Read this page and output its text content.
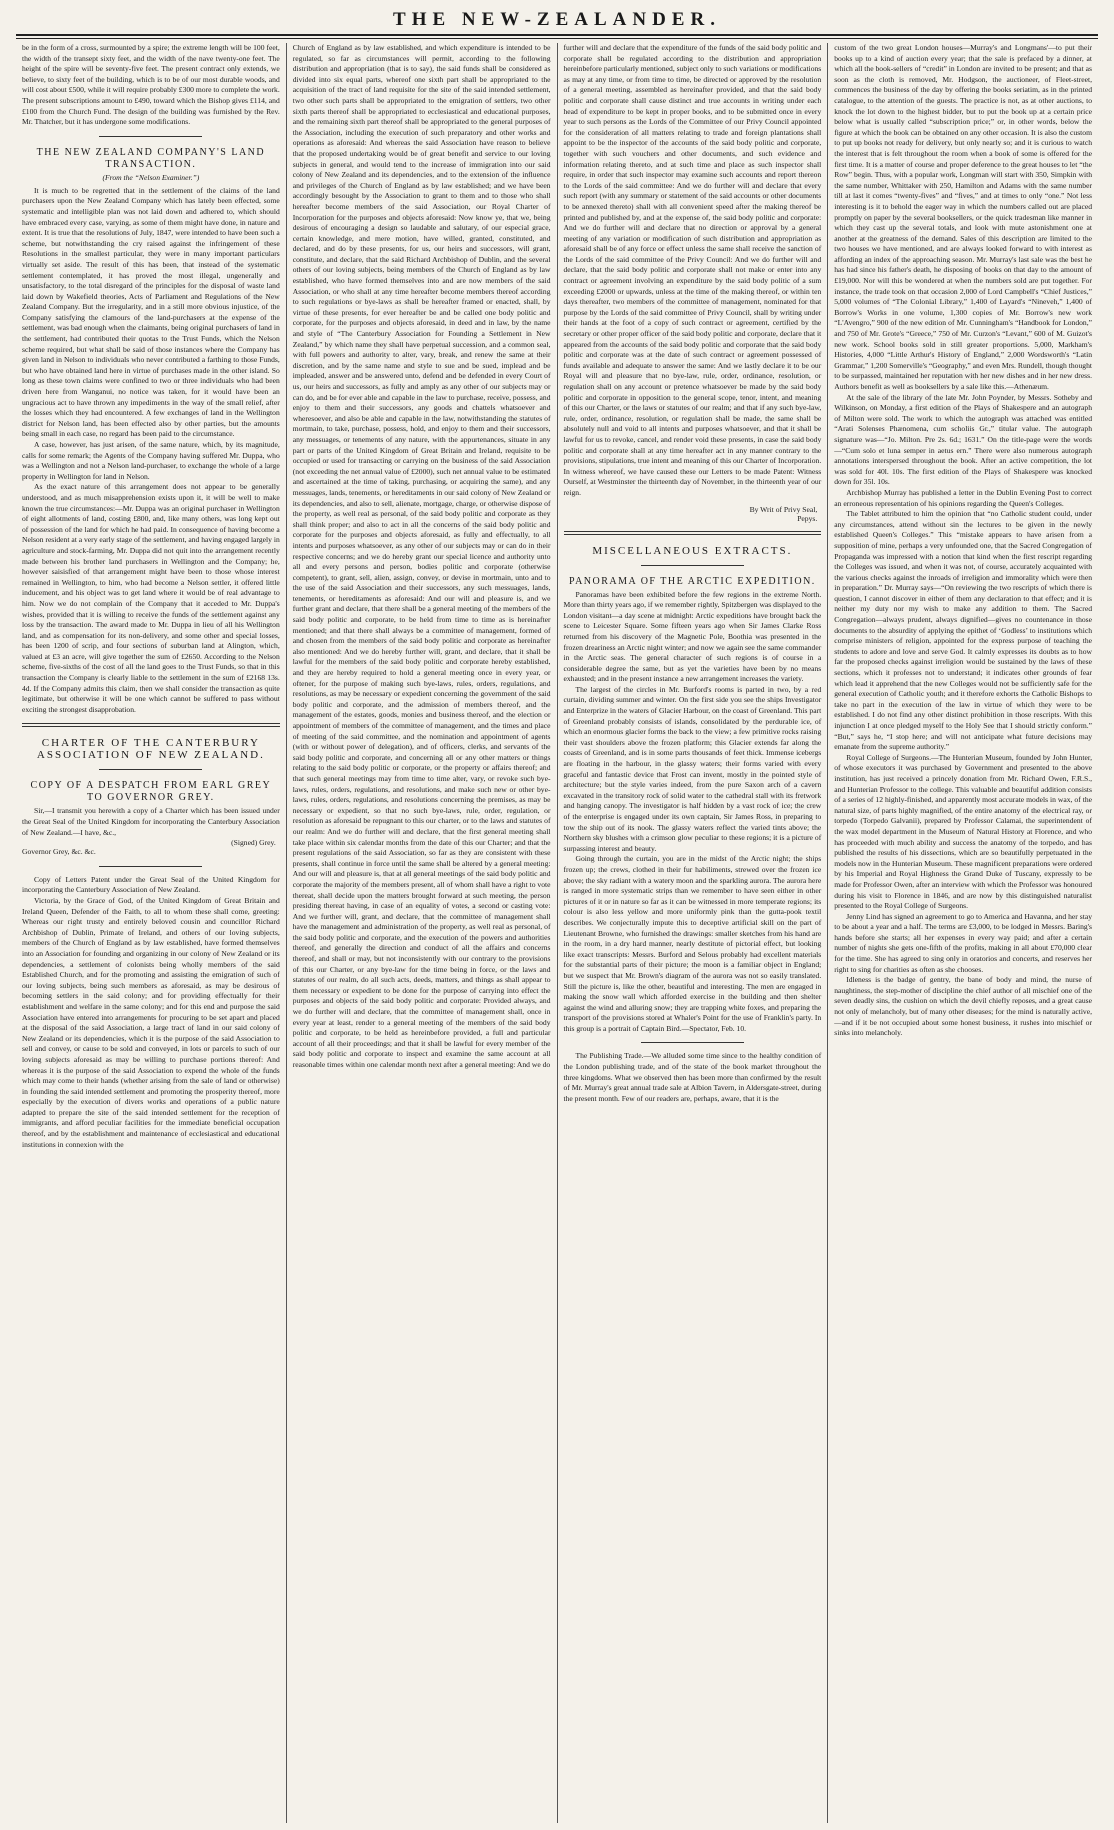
THE NEW-ZEALANDER.

be in the form of a cross, surmounted by a spire; the extreme length will be 100 feet, the width of the transept sixty feet, and the width of the nave twenty-one feet. The height of the spire will be seventy-five feet. The present contract only extends, we believe, to sixty feet of the building, which is to be of our most durable woods, and will cost about £500, while it will require probably £300 more to complete the work. The present subscriptions amount to £490, toward which the Bishop gives £114, and £100 from the Church Fund. The design of the building was furnished by the Rev. Mr. Thatcher, but it has undergone some modifications.

THE NEW ZEALAND COMPANY'S LAND TRANSACTION.
(From the “Nelson Examiner.”)

It is much to be regretted that in the settlement of the claims of the land purchasers upon the New Zealand Company which has lately been effected, some systematic and intelligible plan was not laid down and adhered to, which should have embraced every case, varying, as some of them might have done, in nature and extent. It is true that the resolutions of July, 1847, were intended to have been such a scheme, but notwithstanding the cry raised against the infringement of these Resolutions in the smallest particular, they were in many important particulars virtually set aside. The result of this has been, that instead of the systematic settlement contemplated, it has proved the most illegal, ungenerally and unsatisfactory, to the total disregard of the principles for the disposal of waste land laid down by Wakefield theories, Acts of Parliament and Regulations of the New Zealand Company. But the irregularity, and in a still more obvious injustice, of the Company satisfying the clamours of the land-purchasers at the expense of the settlement, was bad enough when the claimants, being original purchasers of land in the settlement, had contributed their quotas to the Trust Funds, which the Nelson scheme required, but what shall be said of those instances where the Company has given land in Nelson to individuals who never contributed a farthing to those Funds, but who have obtained land here in virtue of purchases made in the other island. So long as these town claims were confined to two or three individuals who had been driven here from Wanganui, no notice was taken, for it would have been an ungracious act to have thrown any impediments in the way of the small relief, after the losses which they had encountered. A few exchanges of land in the Wellington district for Nelson land, has been effected also by other parties, but the amounts being small in each case, no regard has been paid to the circumstance.

A case, however, has just arisen, of the same nature, which, by its magnitude, calls for some remark; the Agents of the Company having suffered Mr. Duppa, who was a Wellington and not a Nelson land-purchaser, to exchange the whole of a large property in Wellington for land in Nelson.

As the exact nature of this arrangement does not appear to be generally understood, and as much misapprehension exists upon it, it will be well to make known the true circumstances:—Mr. Duppa was an original purchaser in Wellington of eight allotments of land, costing £800, and, like many others, was long kept out of possession of the land for which he had paid. In consequence of having become a Nelson resident at a very early stage of the settlement, and having engaged largely in agriculture and stock-farming, Mr. Duppa did not quit into the arrangement recently made between his brother land purchasers in Wellington and the Company; he, however saisisfied of that arrangement might have been to those whose interest remained in Wellington, to him, who had become a Nelson settler, it offered little inducement, and his object was to get land where it would be of real advantage to him. Now we do not complain of the Company that it acceded to Mr. Duppa's wishes, provided that it is willing to receive the funds of the settlement against any loss by the transaction. The award made to Mr. Duppa in lieu of all his Wellington land, and as compensation for its non-delivery, and some other and special losses, has been 1200 of scrip, and four sections of suburban land at Alington, which, valued at £3 an acre, will give together the sum of £2650. According to the Nelson scheme, five-sixths of the cost of all the land goes to the Trust Funds, so that in this transaction the Company is clearly liable to the settlement in the sum of £2168 13s. 4d. If the Company admits this claim, then we shall consider the transaction as quite legitimate, but otherwise it will be one which cannot be suffered to pass without exciting the strongest disapprobation.

CHARTER OF THE CANTERBURY ASSOCIATION OF NEW ZEALAND.
COPY OF A DESPATCH FROM EARL GREY TO GOVERNOR GREY.

Sir,—I transmit you herewith a copy of a Charter which has been issued under the Great Seal of the United Kingdom for incorporating the Canterbury Association of New Zealand.—I have, &c.,

(Signed) Grey.

Governor Grey, &c. &c.

Copy of Letters Patent under the Great Seal of the United Kingdom for incorporating the Canterbury Association of New Zealand.

Victoria, by the Grace of God, of the United Kingdom of Great Britain and Ireland Queen, Defender of the Faith, to all to whom these shall come, greeting: Whereas our right trusty and entirely beloved cousin and councillor Richard Archbishop of Dublin, Primate of Ireland, and others of our loving subjects, members of the Church of England as by law established, have formed themselves into an Association for founding and organizing in our colony of New Zealand or its dependencies, a settlement of colonists being wholly members of the said Established Church, and for the promoting and assisting the emigration of such of our loving subjects, being such members as aforesaid, as may be desirous of becoming settlers in the said colony; and for providing effectually for their establishment and welfare in the same colony; and for this end and purpose the said Association have entered into arrangements for procuring to be set apart and placed at the disposal of the said Association, a large tract of land in our said colony of New Zealand or its dependencies, which it is the purpose of the said Association to sell and convey, or cause to be sold and conveyed, in lots or parcels to such of our loving subjects aforesaid as may be willing to purchase portions thereof: And whereas it is the purpose of the said Association to expend the whole of the funds which may come to their hands (whether arising from the sale of land or otherwise) in founding the said intended settlement and promoting the prosperity thereof, more especially by the execution of divers works and operations of a public nature adapted to prepare the site of the said intended settlement for the reception of immigrants, and afford peculiar facilities for the immediate beneficial occupation thereof, and by the establishment and maintenance of ecclesiastical and educational institutions in connexion with the

Church of England as by law established, and which expenditure is intended to be regulated, so far as circumstances will permit, according to the following distribution and appropriation (that is to say), the said funds shall be considered as divided into six equal parts, whereof one sixth part shall be appropriated to the acquisition of the tract of land requisite for the site of the said intended settlement, two other such parts shall be appropriated to the emigration of settlers, two other sixth parts thereof shall be appropriated to ecclesiastical and educational purposes, and the remaining sixth part thereof shall be appropriated to the general purposes of the Association, including the execution of such preparatory and other works and operations as aforesaid: And whereas the said Association have reason to believe that the proposed undertaking would be of great benefit and service to our loving subjects in general, and would tend to the increase of immigration into our said colony of New Zealand and its dependencies, and to the extension of the influence and privileges of the Church of England as by law established; and we have been accordingly besought by the Association to grant to them and to those who shall hereafter become members of the said Association, our Royal Charter of Incorporation for the purposes and objects aforesaid: Now know ye, that we, being desirous of encouraging a design so laudable and salutary, of our especial grace, certain knowledge, and mere motion, have willed, granted, constituted, and declared, and do by these presents, for us, our heirs and successors, will grant, constitute, and declare, that the said Richard Archbishop of Dublin, and the several others of our loving subjects, being members of the Church of England as by law established, who have formed themselves into and are now members of the said Association, or who shall at any time hereafter become members thereof according to such regulations or bye-laws as shall be hereafter framed or enacted, shall, by virtue of these presents, for ever hereafter be and be called one body politic and corporate, for the purposes and objects aforesaid, in deed and in law, by the name and style of “The Canterbury Association for Founding a Settlement in New Zealand,” by which name they shall have perpetual succession, and a common seal, with full powers and authority to alter, vary, break, and renew the same at their discretion, and by the same name and style to sue and be sued, implead and be impleaded, answer and be answered unto, defend and be defended in every Court of us, our heirs and successors, as fully and amply as any other of our subjects may or can do, and be for ever able and capable in the law to purchase, receive, possess, and enjoy to them and their successors, any goods and chattels whatsoever and wheresoever, and also be able and capable in the law, notwithstanding the statutes of mortmain, to take, purchase, possess, hold, and enjoy to them and their successors, any messuages, or tenements of any nature, with the appurtenances, situate in any part or parts of the United Kingdom of Great Britain and Ireland, requisite to be occupied or used for transacting or carrying on the business of the said Association (not exceeding the net annual value of £2000), such net annual value to be estimated and ascertained at the time of taking, purchasing, or acquiring the same), and any messuages, lands, tenements, or hereditaments in our said colony of New Zealand or its dependencies, and also to sell, alienate, mortgage, charge, or otherwise dispose of the property, as well real as personal, of the said body politic and corporate as they shall think proper; and also to act in all the concerns of the said body politic and corporate for the purposes and objects aforesaid, as fully and effectually, to all intents and purposes whatsoever, as any other of our subjects may or can do in their respective concerns; and we do hereby grant our special licence and authority unto all and every persons and person, bodies politic and corporate (otherwise competent), to grant, sell, alien, assign, convey, or devise in mortmain, unto and to the use of the said Association and their successors, any such messuages, lands, tenements, or hereditaments as aforesaid: And our will and pleasure is, and we further grant and declare, that there shall be a general meeting of the members of the said body politic and corporate, to be held from time to time as is hereinafter mentioned; and that there shall always be a committee of management, formed of and chosen from the members of the said body politic and corporate as hereinafter also mentioned: And we do hereby further will, grant, and declare, that it shall be lawful for the members of the said body politic and corporate hereby established, and they are hereby required to hold a general meeting once in every year, or oftener, for the purpose of making such bye-laws, rules, orders, regulations, and resolutions, as may be necessary or expedient concerning the government of the said body politic and corporate, and the admission of members thereof, and the management of the estates, goods, monies and business thereof, and the election or appointment of members of the committee of management, and the times and place of meeting of the said committee, and the nomination and appointment of agents (with or without power of delegation), and of officers, clerks, and servants of the said body politic and corporate, and concerning all or any other matters or things relating to the said body politic or corporate, or the property or affairs thereof; and that such general meetings may from time to time alter, vary, or revoke such bye-laws, rules, orders, regulations, and resolutions, and make such new or other bye-laws, rules, orders, regulations, and resolutions concerning the premises, as may be necessary or expedient, so that no such bye-laws, rule, order, regulation, or resolution as aforesaid be repugnant to this our charter, or to the laws and statutes of our realm: And we do further will and declare, that the first general meeting shall take place within six calendar months from the date of this our Charter; and that the present regulations of the said Association, so far as they are consistent with these presents, shall continue in force until the same shall be altered by a general meeting: And our will and pleasure is, that at all general meetings of the said body politic and corporate the majority of the members present, all of whom shall have a right to vote thereat, shall decide upon the matters brought forward at such meeting, the person presiding thereat having, in case of an equality of votes, a second or casting vote: And we further will, grant, and declare, that the committee of management shall have the management and administration of the property, as well real as personal, of the said body politic and corporate, and the execution of the powers and authorities thereof, and generally the direction and conduct of all the affairs and concerns thereof, and shall or may, but not inconsistently with our contrary to the provisions of this our Charter, or any bye-law for the time being in force, or the laws and statutes of our realm, do all such acts, deeds, matters, and things as shall appear to them necessary or expedient to be done for the purpose of carrying into effect the purposes and objects of the said body politic and corporate: Provided always, and we do further will and declare, that the committee of management shall, once in every year at least, render to a general meeting of the members of the said body politic and corporate, to be held as hereinbefore provided, a full and particular account of all their proceedings; and that it shall be lawful for every member of the said body politic and corporate to inspect and examine the same account at all reasonable times within one calendar month next after a general meeting: And we do

further will and declare that the expenditure of the funds of the said body politic and corporate shall be regulated according to the distribution and appropriation hereinbefore particularly mentioned, subject only to such variations or modifications as may at any time, or from time to time, be directed or approved by the resolution of a general meeting, assembled as hereinafter provided, and that the said body politic and corporate shall cause distinct and true accounts in writing under each head of expenditure to be kept in proper books, and to be submitted once in every year to such persons as the Lords of the Committee of our Privy Council appointed for the consideration of all matters relating to trade and foreign plantations shall appoint to be the inspector of the accounts of the said body politic and corporate, together with such vouchers and other documents, and such evidence and information relating thereto, and at such time and place as such inspector shall require, in order that such inspector may examine such accounts and report thereon to the Lords of the said committee: And we do further will and declare that every such report (with any summary or statement of the said accounts or other documents to be annexed thereto) shall with all convenient speed after the making thereof be printed and published by, and at the expense of, the said body politic and corporate: And we do further will and declare that no direction or approval by a general meeting of any variation or modification of such distribution and appropriation as aforesaid shall be of any force or effect unless the same shall receive the sanction of the Lords of the said committee of the Privy Council: And we do further will and declare, that the said body politic and corporate shall not make or enter into any contract or agreement involving an expenditure by the said body politic of a sum exceeding £2000 or upwards, unless at the time of the making thereof, or within ten days thereafter, two members of the committee of management, nominated for that purpose by the Lords of the said committee of Privy Council, shall by writing under their hands at the foot of a copy of such contract or agreement, certified by the secretary or other proper officer of the said body politic and corporate, declare that it appeared from the accounts of the said body politic and corporate that the said body politic and corporate was at the date of such contract or agreement possessed of funds available and adequate to answer the same: And we lastly declare it to be our Royal will and pleasure that no bye-law, rule, order, ordinance, resolution, or regulation shall on any account or pretence whatsoever be made by the said body politic and corporate in opposition to the general scope, tenor, intent, and meaning of this our Charter, or the laws or statutes of our realm; and that if any such bye-law, rule, order, ordinance, resolution, or regulation shall be made, the same shall be absolutely null and void to all intents and purposes whatsoever, and that it shall be lawful for us to revoke, cancel, and render void these presents, in case the said body politic and corporate shall at any time hereafter act in any manner contrary to the provisions, stipulations, true intent and meaning of this our Charter of Incorporation. In witness whereof, we have caused these our Letters to be made Patent: Witness Ourself, at Westminster the thirteenth day of November, in the thirteenth year of our reign.

By Writ of Privy Seal,
Pepys.
MISCELLANEOUS EXTRACTS.
PANORAMA OF THE ARCTIC EXPEDITION.

Panoramas have been exhibited before the few regions in the extreme North. More than thirty years ago, if we remember rightly, Spitzbergen was displayed to the London visitant—a day scene at midnight: Arctic expeditions have brought back the scene to Leicester Square. Some fifteen years ago when Sir James Clarke Ross returned from his discovery of the Magnetic Pole, Boothia was presented in the frozen dreariness an Arctic night winter; and now we again see the same commander in the Arctic seas. The general character of such regions is of course in a considerable degree the same, but as yet the varieties have been by no means exhausted; and in the present instance a new arrangement increases the variety.

The largest of the circles in Mr. Burford's rooms is parted in two, by a red curtain, dividing summer and winter. On the first side you see the ships Investigator and Enterprize in the waters of Glacier Harbour, on the coast of Greenland. This part of Greenland probably consists of islands, consolidated by the perdurable ice, of which an enormous glacier forms the back to the view; a few primitive rocks raising their vast shoulders above the frozen platform; this Glacier extends far along the coasts of Greenland, and is in some parts thousands of feet thick. Immense icebergs are floating in the harbour, in the glassy waters; their forms varied with every graceful and fantastic device that Frost can invent, mostly in the pointed style of architecture; but the style varies indeed, from the pure Saxon arch of a cavern excavated in the transitory rock of solid water to the cathedral stall with its fretwork and hanging canopy. The investigator is half hidden by a vast rock of ice; the crew of the enterprise is engaged under its own captain, Sir James Ross, in preparing to tow the ship out of its nook. The glassy waters reflect the varied tints above; the Northern sky blushes with a crimson glow peculiar to these regions; it is a picture of surpassing interest and beauty.

Going through the curtain, you are in the midst of the Arctic night; the ships frozen up; the crews, clothed in their fur habiliments, strewed over the frozen ice above; the sky radiant with a watery moon and the sparkling aurora. The aurora here is ranged in more systematic strips than we remember to have seen either in other pictures of it or in nature so far as it can be witnessed in more temperate regions; its colour is also less yellow and more uniformly pink than the gutta-pook textil describes. We conjecturally impute this to deceptive artificial skill on the part of Lieutenant Browne, who furnished the drawings: smaller sketches from his hand are in the room, in a dry hard manner, nearly destitute of pictorial effect, but looking like exact transcripts: Messrs. Burford and Selous probably had excellent materials for the substantial parts of their picture; the moon is a familiar object in England; but we suspect that Mr. Brown's diagram of the aurora was not so easily translated. Still the picture is, like the other, beautiful and interesting. The men are engaged in making the snow wall which afforded exercise in the building and then shelter against the wind and alluring snow; they are trapping white foxes, and preparing the transport of the provisions stored at Whaler's Point for the use of Franklin's party. In this group is a portrait of Captain Bird.—Spectator, Feb. 10.

The Publishing Trade.—We alluded some time since to the healthy condition of the London publishing trade, and of the state of the book market throughout the three kingdoms. What we observed then has been more than confirmed by the result of Mr. Murray's great annual trade sale at Albion Tavern, in Aldersgate-street, during the present month. Few of our readers are, perhaps, aware, that it is the

custom of the two great London houses—Murray's and Longmans'—to put their books up to a kind of auction every year; that the sale is prefaced by a dinner, at which all the book-sellers of “credit” in London are invited to be present; and that as soon as the cloth is removed, Mr. Hodgson, the auctioneer, of Fleet-street, commences the business of the day by offering the books seriatim, as in the printed catalogue, to the attention of the guests. The practice is not, as at other auctions, to knock the lot down to the highest bidder, but to put the book up at a certain price below what is usually called “subscription price;” or, in other words, below the figure at which the book can be obtained on any other occasion. It is also the custom to put up books not ready for delivery, but only nearly so; and it is curious to watch the interest that is felt throughout the room when a book of some is offered for the first time. It is a matter of course and proper deference to the great houses to let “the Row” begin. Thus, with a popular work, Longman will start with 350, Simpkin with the same number, Whittaker with 250, Hamilton and Adams with the same number till at last it comes “twenty-fives” and “fives,” and at times to only “one.” Not less interesting is it to behold the eager way in which the numbers called out are placed promptly on paper by the several booksellers, or the quick tradesman like manner in which they cast up the several totals, and look with mute astonishment one at another at the greatness of the demand. Sales of this description are limited to the two houses we have mentioned, and are always looked forward to with interest as affording an index of the approaching season. Mr. Murray's last sale was the best he has had since his father's death, he disposing of books on that day to the amount of £19,000. Nor will this be wondered at when the numbers sold are put together. For instance, the trade took on that occasion 2,000 of Lord Campbell's “Chief Justices,” 5,000 volumes of “The Colonial Library,” 1,400 of Layard's “Nineveh,” 1,400 of Borrow's Works in one volume, 1,300 copies of Mr. Borrow's new work “L'Avengro,” 900 of the new edition of Mr. Cunningham's “Handbook for London,” and 750 of Mr. Grote's “Greece,” 750 of Mr. Curzon's “Levant,” 600 of M. Guizot's new work. School books sold in still greater proportions. 5,000, Markham's Histories, 4,000 “Little Arthur's History of England,” 2,000 Wordsworth's “Latin Grammar,” 1,200 Somerville's “Geography,” and even Mrs. Rundell, though thought to be surpassed, maintained her reputation with her new dishes and in her new dress. Authors benefit as well as booksellers by a sale like this.—Athenæum.

At the sale of the library of the late Mr. John Poynder, by Messrs. Sotheby and Wilkinson, on Monday, a first edition of the Plays of Shakespere and an autograph of Milton were sold. The work to which the autograph was attached was entitled “Arati Solenses Phænomena, cum scholiis Gr.,” titular value. The autograph signature was—“Jo. Milton. Pre 2s. 6d.; 1631.” On the title-page were the words—“Cum solo et luna semper in aetus ern.” There were also numerous autograph annotations interspersed throughout the book. After an active competition, the lot was sold for 40l. 10s. The first edition of the Plays of Shakespere was knocked down for 35l. 10s.

Archbishop Murray has published a letter in the Dublin Evening Post to correct an erroneous representation of his opinions regarding the Queen's Colleges.

The Tablet attributed to him the opinion that “no Catholic student could, under any circumstances, attend without sin the lectures to be given in the newly established Queen's Colleges.” This “mistake appears to have arisen from a supposition of mine, perhaps a very unfounded one, that the Sacred Congregation of Propaganda was impressed with a notion that kind when the first rescript regarding the Colleges was issued, and when it was not, of course, accurately acquainted with the various checks against the inroads of irreligion and immorality which were then in preparation.” Dr. Murray says—“On reviewing the two rescripts of which there is question, I cannot discover in either of them any declaration to that effect; and it is neither my duty nor my wish to make any addition to them. The Sacred Congregation—always prudent, always dignified—gives no countenance in those documents to the absurdity of applying the epithet of ‘Godless’ to institutions which comprise ministers of religion, appointed for the express purpose of teaching the students to adore and love and serve God. It calmly expresses its doubts as to how far the proposed checks against irreligion would be sustained by the laws of these sections, which it professes not to understand; it indicates other grounds of fear which lead it apprehend that the new Colleges would not be sufficiently safe for the general execution of Catholic youth; and it therefore exhorts the Catholic Bishops to take no part in the execution of the law in virtue of which they were to be established. I do not find any other distinct prohibition in those rescripts. With this injunction I at once pledged myself to the Holy See that I should strictly conform.” “But,” says he, “I stop here; and will not anticipate what future decisions may emanate from the supreme authority.”

Royal College of Surgeons.—The Hunterian Museum, founded by John Hunter, of whose executors it was purchased by Government and presented to the above institution, has just received a princely donation from Mr. Richard Owen, F.R.S., and Hunterian Professor to the college. This valuable and beautiful addition consists of a series of 12 highly-finished, and apparently most accurate models in wax, of the natural size, of parts highly magnified, of the entire anatomy of the electrical ray, or torpedo (Torpedo Galvanii), prepared by Professor Calamai, the superintendent of the wax model department in the Museum of Natural History at Florence, and who has proceeded with much ability and success the anatomy of the torpedo, and has published the results of his dissections, which are so beautifully perpetuated in the models now in the Hunterian Museum. These magnificent preparations were ordered by his Imperial and Royal Highness the Grand Duke of Tuscany, expressly to be made for Professor Owen, after an interview with which the Professor was honoured during his visit to Florence in 1846, and are now by this distinguished naturalist presented to the Royal College of Surgeons.

Jenny Lind has signed an agreement to go to America and Havanna, and her stay to be about a year and a half. The terms are £3,000, to be lodged in Messrs. Baring's hands before she starts; all her expenses in every way paid; and after a certain number of nights she gets one-fifth of the profits, making in all about £70,000 clear for the time. She has agreed to sing only in oratorios and concerts, and reserves her right to sing for charities as often as she chooses.

Idleness is the badge of gentry, the bane of body and mind, the nurse of naughtiness, the step-mother of discipline the chief author of all mischief one of the seven deadly sins, the cushion on which the devil chiefly reposes, and a great cause not only of melancholy, but of many other diseases; for the mind is naturally active,—and if it be not occupied about some honest business, it rushes into mischief or sinks into melancholy.
